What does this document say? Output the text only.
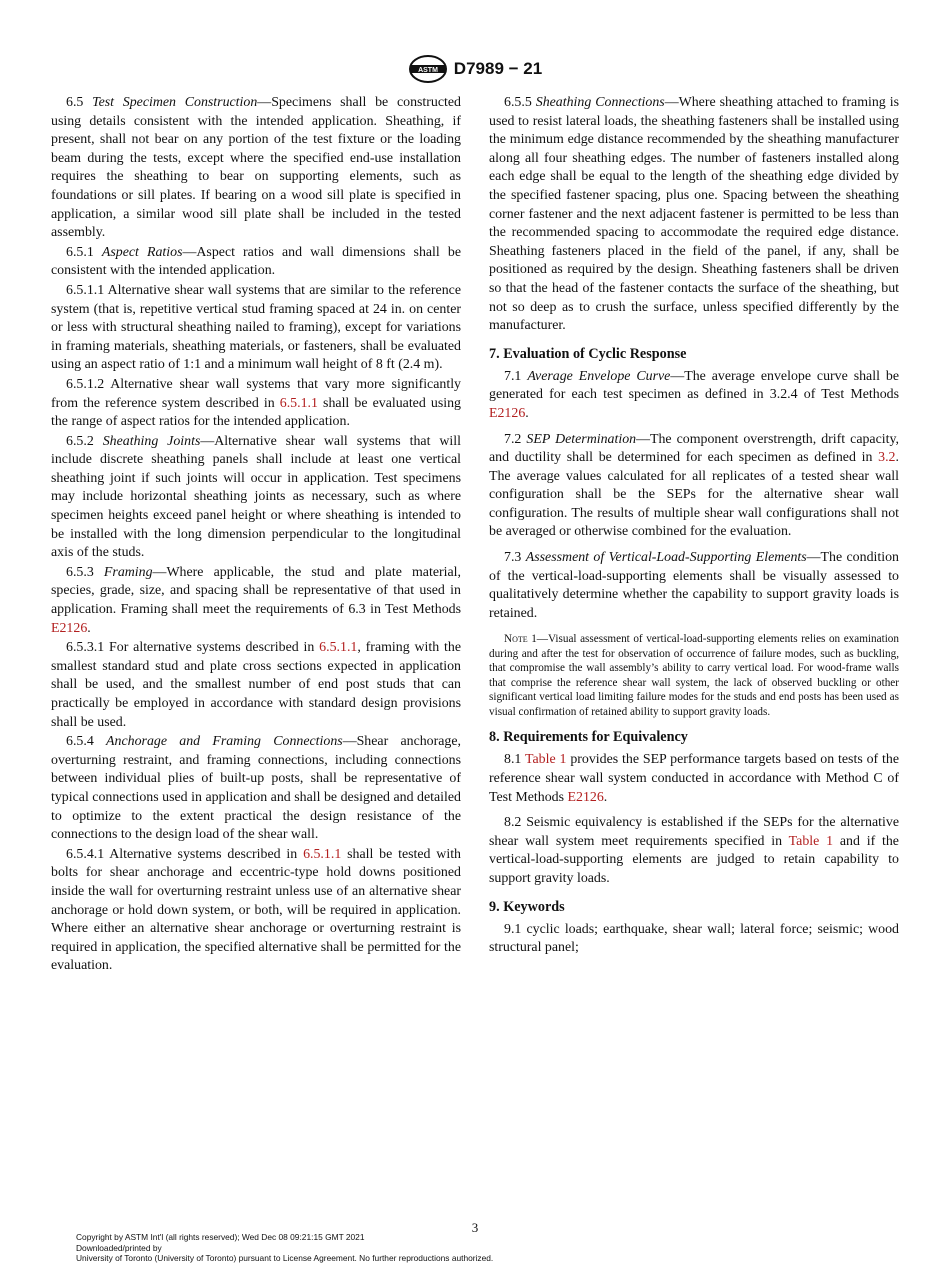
ASTM D7989 − 21

6.5 Test Specimen Construction—Specimens shall be constructed using details consistent with the intended application. Sheathing, if present, shall not bear on any portion of the test fixture or the loading beam during the tests, except where the specified end-use installation requires the sheathing to bear on supporting elements, such as foundations or sill plates. If bearing on a wood sill plate is specified in application, a similar wood sill plate shall be included in the tested assembly.

6.5.1 Aspect Ratios—Aspect ratios and wall dimensions shall be consistent with the intended application.

6.5.1.1 Alternative shear wall systems that are similar to the reference system (that is, repetitive vertical stud framing spaced at 24 in. on center or less with structural sheathing nailed to framing), except for variations in framing materials, sheathing materials, or fasteners, shall be evaluated using an aspect ratio of 1:1 and a minimum wall height of 8 ft (2.4 m).

6.5.1.2 Alternative shear wall systems that vary more significantly from the reference system described in 6.5.1.1 shall be evaluated using the range of aspect ratios for the intended application.

6.5.2 Sheathing Joints—Alternative shear wall systems that will include discrete sheathing panels shall include at least one vertical sheathing joint if such joints will occur in application. Test specimens may include horizontal sheathing joints as necessary, such as where specimen heights exceed panel height or where sheathing is intended to be installed with the long dimension perpendicular to the longitudinal axis of the studs.

6.5.3 Framing—Where applicable, the stud and plate material, species, grade, size, and spacing shall be representative of that used in application. Framing shall meet the requirements of 6.3 in Test Methods E2126.

6.5.3.1 For alternative systems described in 6.5.1.1, framing with the smallest standard stud and plate cross sections expected in application shall be used, and the smallest number of end post studs that can practically be employed in accordance with standard design provisions shall be used.

6.5.4 Anchorage and Framing Connections—Shear anchorage, overturning restraint, and framing connections, including connections between individual plies of built-up posts, shall be representative of typical connections used in application and shall be designed and detailed to optimize to the extent practical the design resistance of the connections to the design load of the shear wall.

6.5.4.1 Alternative systems described in 6.5.1.1 shall be tested with bolts for shear anchorage and eccentric-type hold downs positioned inside the wall for overturning restraint unless use of an alternative shear anchorage or hold down system, or both, will be required in application. Where either an alternative shear anchorage or overturning restraint is required in application, the specified alternative shall be permitted for the evaluation.

6.5.5 Sheathing Connections—Where sheathing attached to framing is used to resist lateral loads, the sheathing fasteners shall be installed using the minimum edge distance recommended by the sheathing manufacturer along all four sheathing edges. The number of fasteners installed along each edge shall be equal to the length of the sheathing edge divided by the specified fastener spacing, plus one. Spacing between the sheathing corner fastener and the next adjacent fastener is permitted to be less than the recommended spacing to accommodate the required edge distance. Sheathing fasteners placed in the field of the panel, if any, shall be positioned as required by the design. Sheathing fasteners shall be driven so that the head of the fastener contacts the surface of the sheathing, but not so deep as to crush the surface, unless specified differently by the manufacturer.

7. Evaluation of Cyclic Response

7.1 Average Envelope Curve—The average envelope curve shall be generated for each test specimen as defined in 3.2.4 of Test Methods E2126.

7.2 SEP Determination—The component overstrength, drift capacity, and ductility shall be determined for each specimen as defined in 3.2. The average values calculated for all replicates of a tested shear wall configuration shall be the SEPs for the alternative shear wall configuration. The results of multiple shear wall configurations shall not be averaged or otherwise combined for the evaluation.

7.3 Assessment of Vertical-Load-Supporting Elements—The condition of the vertical-load-supporting elements shall be visually assessed to qualitatively determine whether the capability to support gravity loads is retained.

Note 1—Visual assessment of vertical-load-supporting elements relies on examination during and after the test for observation of occurrence of failure modes, such as buckling, that compromise the wall assembly’s ability to carry vertical load. For wood-frame walls that comprise the reference shear wall system, the lack of observed buckling or other significant vertical load limiting failure modes for the studs and end posts has been used as visual confirmation of retained ability to support gravity loads.

8. Requirements for Equivalency

8.1 Table 1 provides the SEP performance targets based on tests of the reference shear wall system conducted in accordance with Method C of Test Methods E2126.

8.2 Seismic equivalency is established if the SEPs for the alternative shear wall system meet requirements specified in Table 1 and if the vertical-load-supporting elements are judged to retain capability to support gravity loads.

9. Keywords

9.1 cyclic loads; earthquake, shear wall; lateral force; seismic; wood structural panel;

3
Copyright by ASTM Int'l (all rights reserved); Wed Dec 08 09:21:15 GMT 2021
Downloaded/printed by
University of Toronto (University of Toronto) pursuant to License Agreement. No further reproductions authorized.
